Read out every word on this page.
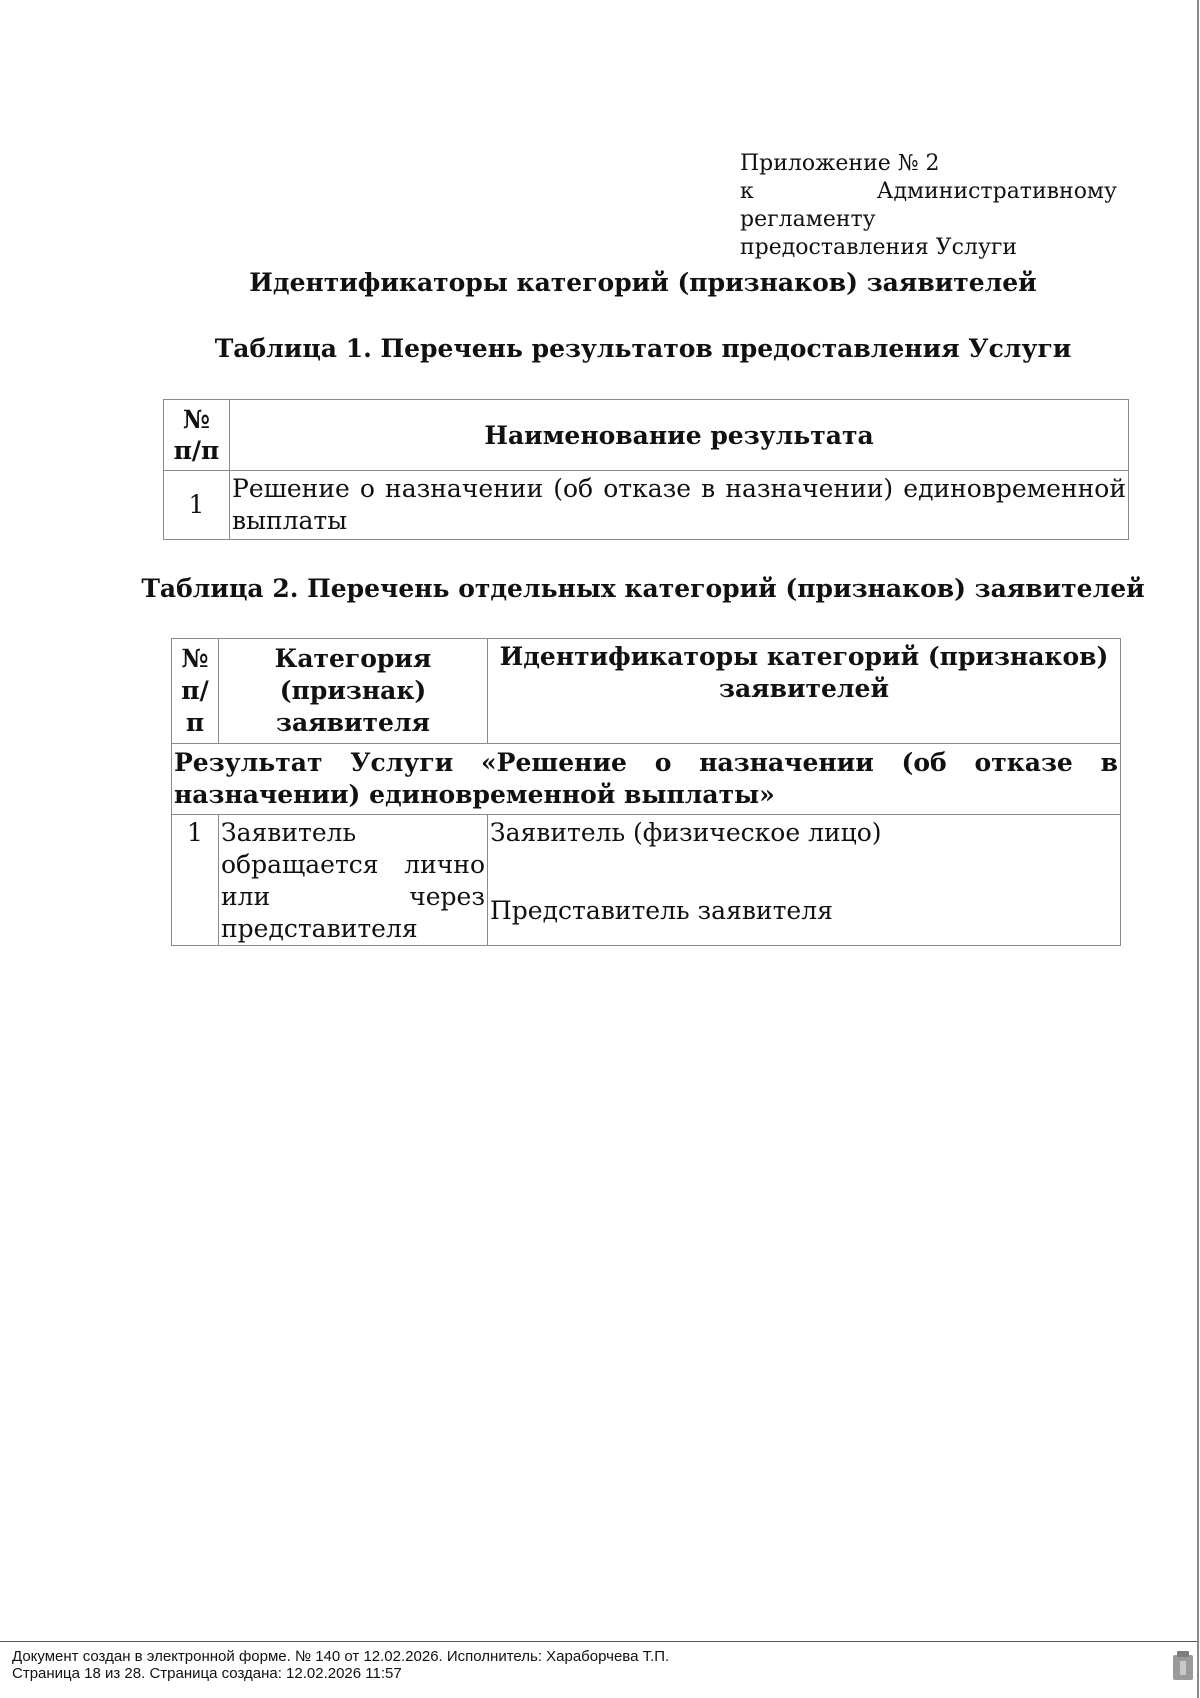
Приложение № 2
к Административному регламенту
предоставления Услуги
Идентификаторы категорий (признаков) заявителей
Таблица 1. Перечень результатов предоставления Услуги
№ п/п	Наименование результата
1	Решение о назначении (об отказе в назначении) единовременной выплаты
Таблица 2. Перечень отдельных категорий (признаков) заявителей
№ п/п	Категория (признак) заявителя	Идентификаторы категорий (признаков) заявителей
Результат Услуги «Решение о назначении (об отказе в назначении) единовременной выплаты»		
1	Заявитель обращается лично или через представителя	Заявитель (физическое лицо)
		Представитель заявителя
Документ создан в электронной форме. № 140 от 12.02.2026. Исполнитель: Хараборчева Т.П.
Страница 18 из 28. Страница создана: 12.02.2026 11:57
